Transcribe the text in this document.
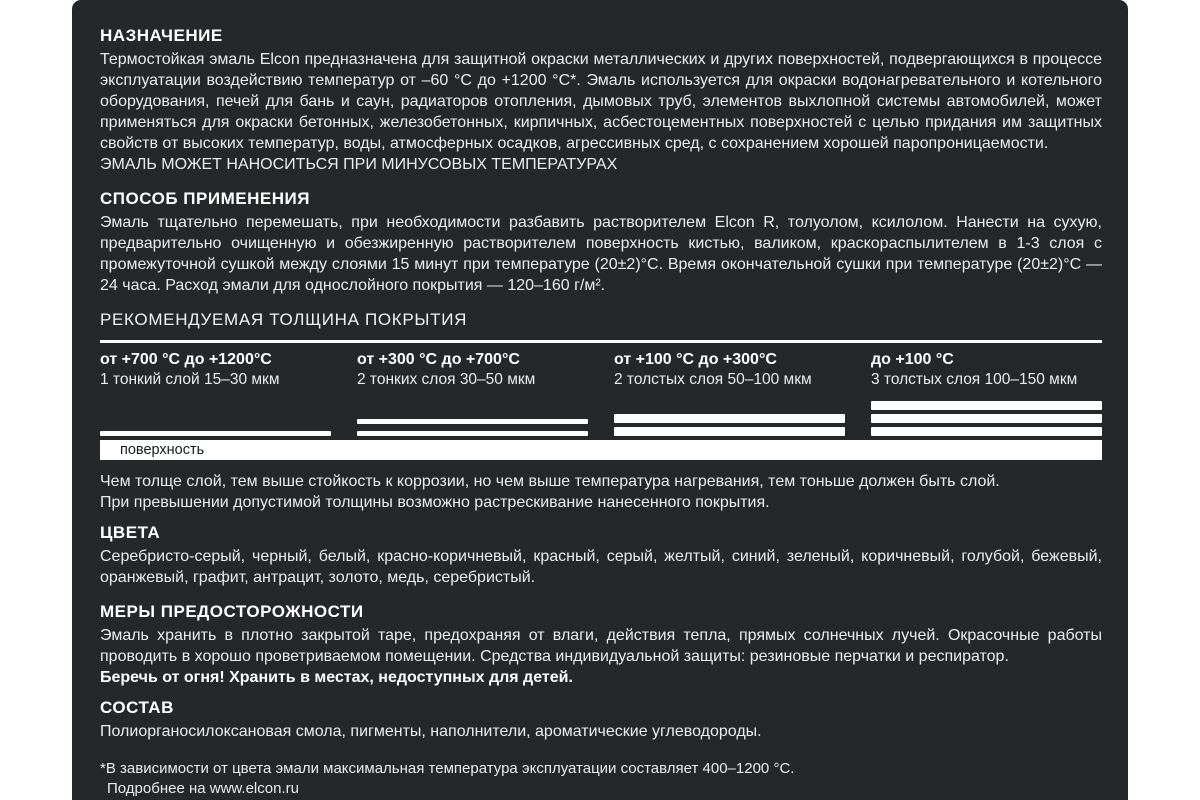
НАЗНАЧЕНИЕ

Термостойкая эмаль Elcon предназначена для защитной окраски металлических и других поверхностей, подвергающихся в процессе эксплуатации воздействию температур от –60 °С до +1200 °С*. Эмаль используется для окраски водонагревательного и котельного оборудования, печей для бань и саун, радиаторов отопления, дымовых труб, элементов выхлопной системы автомобилей, может применяться для окраски бетонных, железобетонных, кирпичных, асбестоцементных поверхностей с целью придания им защитных свойств от высоких температур, воды, атмосферных осадков, агрессивных сред, с сохранением хорошей паропроницаемости.

ЭМАЛЬ МОЖЕТ НАНОСИТЬСЯ ПРИ МИНУСОВЫХ ТЕМПЕРАТУРАХ

СПОСОБ ПРИМЕНЕНИЯ

Эмаль тщательно перемешать, при необходимости разбавить растворителем Elcon R, толуолом, ксилолом. Нанести на сухую, предварительно очищенную и обезжиренную растворителем поверхность кистью, валиком, краскораспылителем в 1-3 слоя с промежуточной сушкой между слоями 15 минут при температуре (20±2)°С. Время окончательной сушки при температуре (20±2)°С — 24 часа. Расход эмали для однослойного покрытия — 120–160 г/м².

РЕКОМЕНДУЕМАЯ ТОЛЩИНА ПОКРЫТИЯ
от +700 °С до +1200°С
1 тонкий слой 15–30 мкм
от +300 °С до +700°С
2 тонких слоя 30–50 мкм
от +100 °С до +300°С
2 толстых слоя 50–100 мкм
до +100 °С
3 толстых слоя 100–150 мкм
поверхность

Чем толще слой, тем выше стойкость к коррозии, но чем выше температура нагревания, тем тоньше должен быть слой.

При превышении допустимой толщины возможно растрескивание нанесенного покрытия.

ЦВЕТА

Серебристо-серый, черный, белый, красно-коричневый, красный, серый, желтый, синий, зеленый, коричневый, голубой, бежевый, оранжевый, графит, антрацит, золото, медь, серебристый.

МЕРЫ ПРЕДОСТОРОЖНОСТИ

Эмаль хранить в плотно закрытой таре, предохраняя от влаги, действия тепла, прямых солнечных лучей. Окрасочные работы проводить в хорошо проветриваемом помещении. Средства индивидуальной защиты: резиновые перчатки и респиратор.

Беречь от огня! Хранить в местах, недоступных для детей.

СОСТАВ

Полиорганосилоксановая смола, пигменты, наполнители, ароматические углеводороды.

*В зависимости от цвета эмали максимальная температура эксплуатации составляет 400–1200 °С.
Подробнее на www.elcon.ru
